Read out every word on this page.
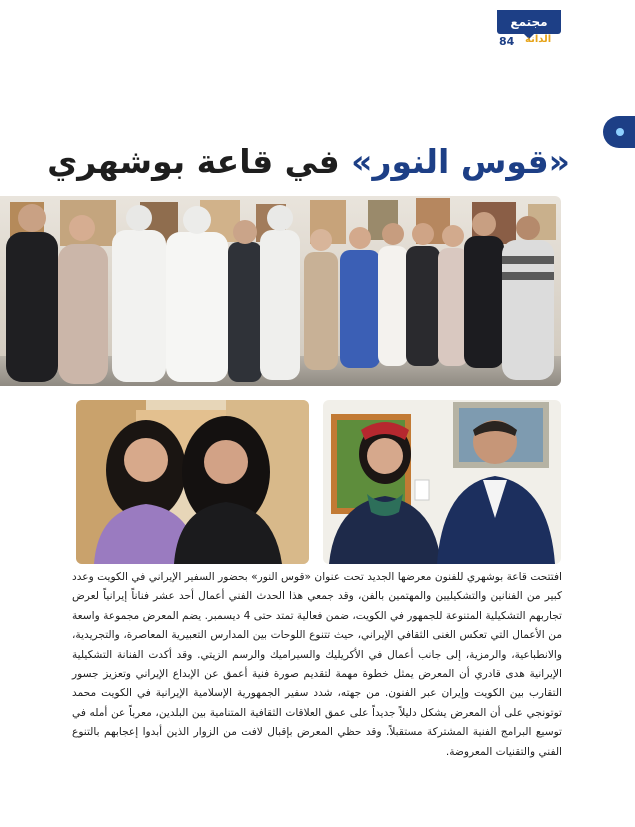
مجتمع
84 الدانة
«قوس النور» في قاعة بوشهري

افتتحت قاعة بوشهري للفنون معرضها الجديد تحت عنوان «قوس النور» بحضور السفير الإيراني في الكويت وعدد كبير من الفنانين والتشكيليين والمهتمين بالفن، وقد جمعي هذا الحدث الفني أعمال أحد عشر فناناً إيرانياً لعرض تجاربهم التشكيلية المتنوعة للجمهور في الكويت، ضمن فعالية تمتد حتى 4 ديسمبر. يضم المعرض مجموعة واسعة من الأعمال التي تعكس الغنى الثقافي الإيراني، حيث تتنوع اللوحات بين المدارس التعبيرية المعاصرة، والتجريدية، والانطباعية، والرمزية، إلى جانب أعمال في الأكريليك والسيراميك والرسم الزيتي. وقد أكدت الفنانة التشكيلية الإيرانية هدى قادري أن المعرض يمثل خطوة مهمة لتقديم صورة فنية أعمق عن الإبداع الإيراني وتعزيز جسور التقارب بين الكويت وإيران عبر الفنون. من جهته، شدد سفير الجمهورية الإسلامية الإيرانية في الكويت محمد توتونجي على أن المعرض يشكل دليلاً جديداً على عمق العلاقات الثقافية المتنامية بين البلدين، معرباً عن أمله في توسيع البرامج الفنية المشتركة مستقبلاً. وقد حظي المعرض بإقبال لافت من الزوار الذين أبدوا إعجابهم بالتنوع الفني والتقنيات المعروضة.
